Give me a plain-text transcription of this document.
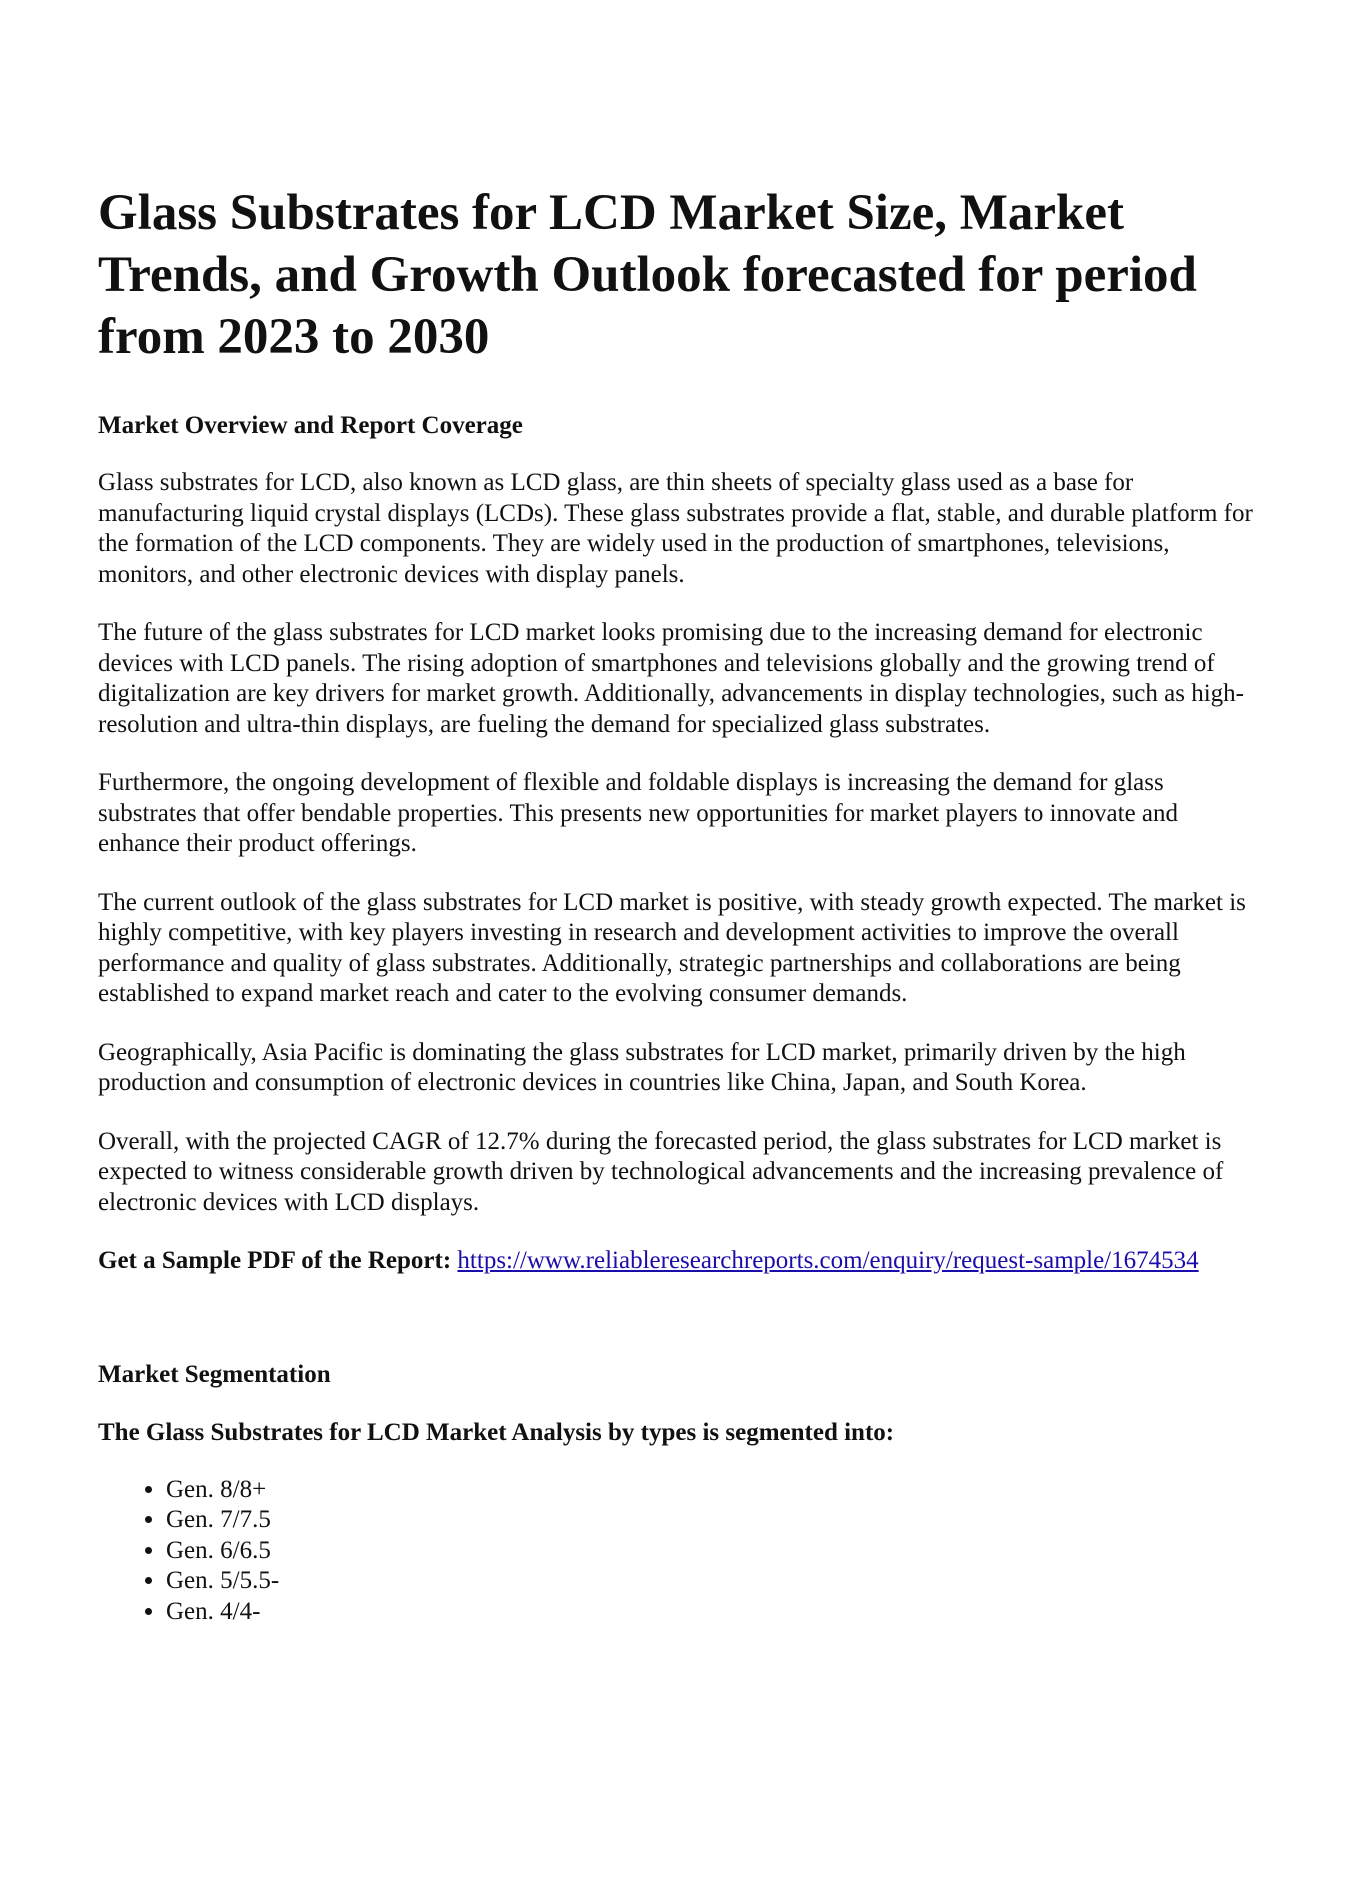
Glass Substrates for LCD Market Size, Market Trends, and Growth Outlook forecasted for period from 2023 to 2030
Market Overview and Report Coverage

Glass substrates for LCD, also known as LCD glass, are thin sheets of specialty glass used as a base for manufacturing liquid crystal displays (LCDs). These glass substrates provide a flat, stable, and durable platform for the formation of the LCD components. They are widely used in the production of smartphones, televisions, monitors, and other electronic devices with display panels.

The future of the glass substrates for LCD market looks promising due to the increasing demand for electronic devices with LCD panels. The rising adoption of smartphones and televisions globally and the growing trend of digitalization are key drivers for market growth. Additionally, advancements in display technologies, such as high-resolution and ultra-thin displays, are fueling the demand for specialized glass substrates.

Furthermore, the ongoing development of flexible and foldable displays is increasing the demand for glass substrates that offer bendable properties. This presents new opportunities for market players to innovate and enhance their product offerings.

The current outlook of the glass substrates for LCD market is positive, with steady growth expected. The market is highly competitive, with key players investing in research and development activities to improve the overall performance and quality of glass substrates. Additionally, strategic partnerships and collaborations are being established to expand market reach and cater to the evolving consumer demands.

Geographically, Asia Pacific is dominating the glass substrates for LCD market, primarily driven by the high production and consumption of electronic devices in countries like China, Japan, and South Korea.

Overall, with the projected CAGR of 12.7% during the forecasted period, the glass substrates for LCD market is expected to witness considerable growth driven by technological advancements and the increasing prevalence of electronic devices with LCD displays.

Get a Sample PDF of the Report: https://www.reliableresearchreports.com/enquiry/request-sample/1674534

Market Segmentation
The Glass Substrates for LCD Market Analysis by types is segmented into:
• Gen. 8/8+
• Gen. 7/7.5
• Gen. 6/6.5
• Gen. 5/5.5-
• Gen. 4/4-
